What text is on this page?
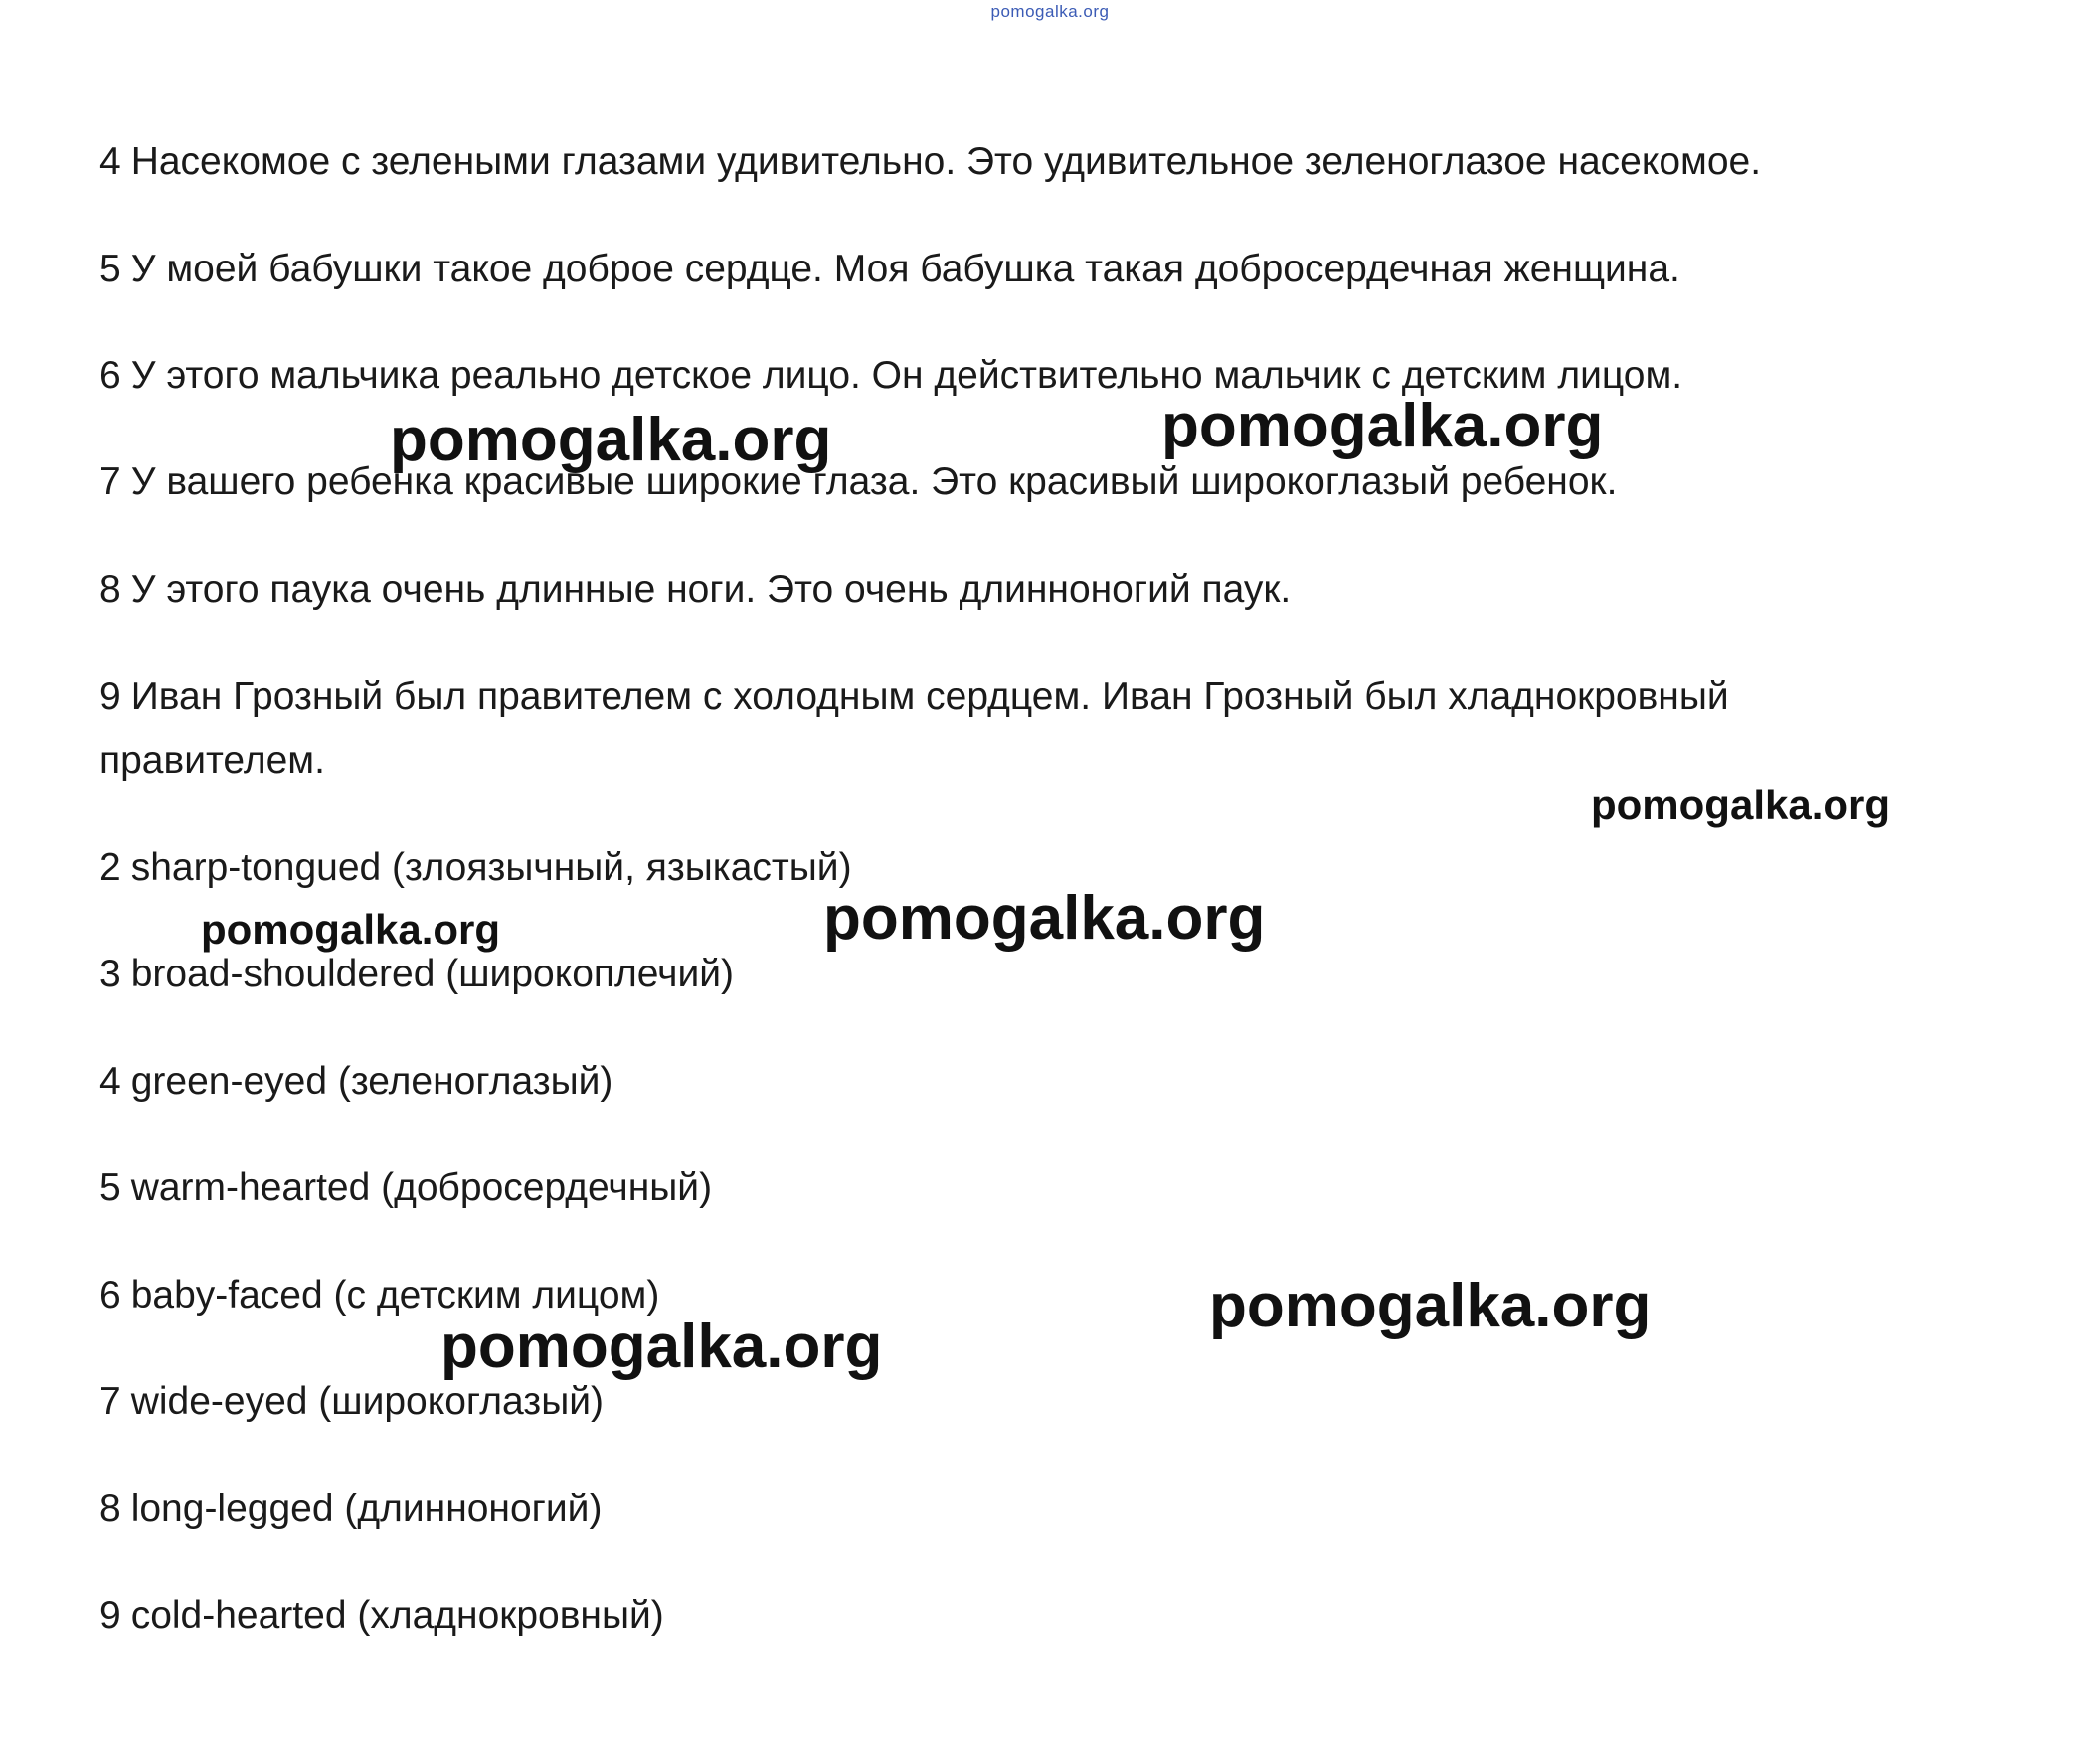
pomogalka.org
4 Насекомое с зелеными глазами удивительно. Это удивительное зеленоглазое насекомое.
5 У моей бабушки такое доброе сердце. Моя бабушка такая добросердечная женщина.
6 У этого мальчика реально детское лицо. Он действительно мальчик с детским лицом.
7 У вашего ребенка красивые широкие глаза. Это красивый широкоглазый ребенок.
8 У этого паука очень длинные ноги. Это очень длинноногий паук.
9 Иван Грозный был правителем с холодным сердцем. Иван Грозный был хладнокровный
правителем.
2 sharp-tongued (злоязычный, языкастый)
3 broad-shouldered (широкоплечий)
4 green-eyed (зеленоглазый)
5 warm-hearted (добросердечный)
6 baby-faced (с детским лицом)
7 wide-eyed (широкоглазый)
8 long-legged (длинноногий)
9 cold-hearted (хладнокровный)
pomogalka.org	pomogalka.org
pomogalka.org
pomogalka.org	pomogalka.org
pomogalka.org
pomogalka.org
